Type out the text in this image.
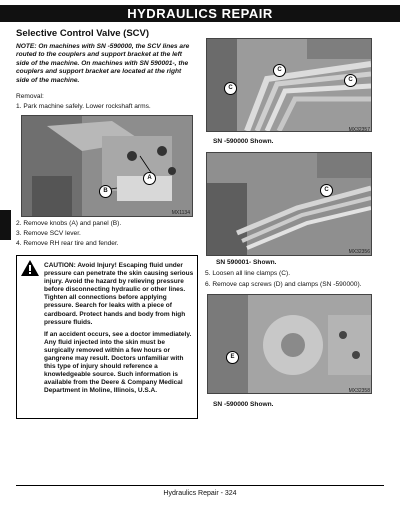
HYDRAULICS REPAIR
Selective Control Valve (SCV)
NOTE: On machines with SN -590000, the SCV lines are routed to the couplers and support bracket at the left side of the machine. On machines with SN 590001-, the couplers and support bracket are located at the right side of the machine.
Removal:
1. Park machine safely. Lower rockshaft arms.
A
B
MX1134
2. Remove knobs (A) and panel (B).
3. Remove SCV lever.
4. Remove RH rear tire and fender.

CAUTION: Avoid Injury! Escaping fluid under pressure can penetrate the skin causing serious injury. Avoid the hazard by relieving pressure before disconnecting hydraulic or other lines. Tighten all connections before applying pressure. Search for leaks with a piece of cardboard. Protect hands and body from high pressure fluids.

If an accident occurs, see a doctor immediately. Any fluid injected into the skin must be surgically removed within a few hours or gangrene may result. Doctors unfamiliar with this type of injury should reference a knowledgeable source. Such information is available from the Deere & Company Medical Department in Moline, Illinois, U.S.A.

C
C
C
MX32357
SN -590000 Shown.
C
MX32356
SN 590001- Shown.
5. Loosen all line clamps (C).
6. Remove cap screws (D) and clamps (SN -590000).
E
MX32358
SN -590000 Shown.
Hydraulics Repair - 324
